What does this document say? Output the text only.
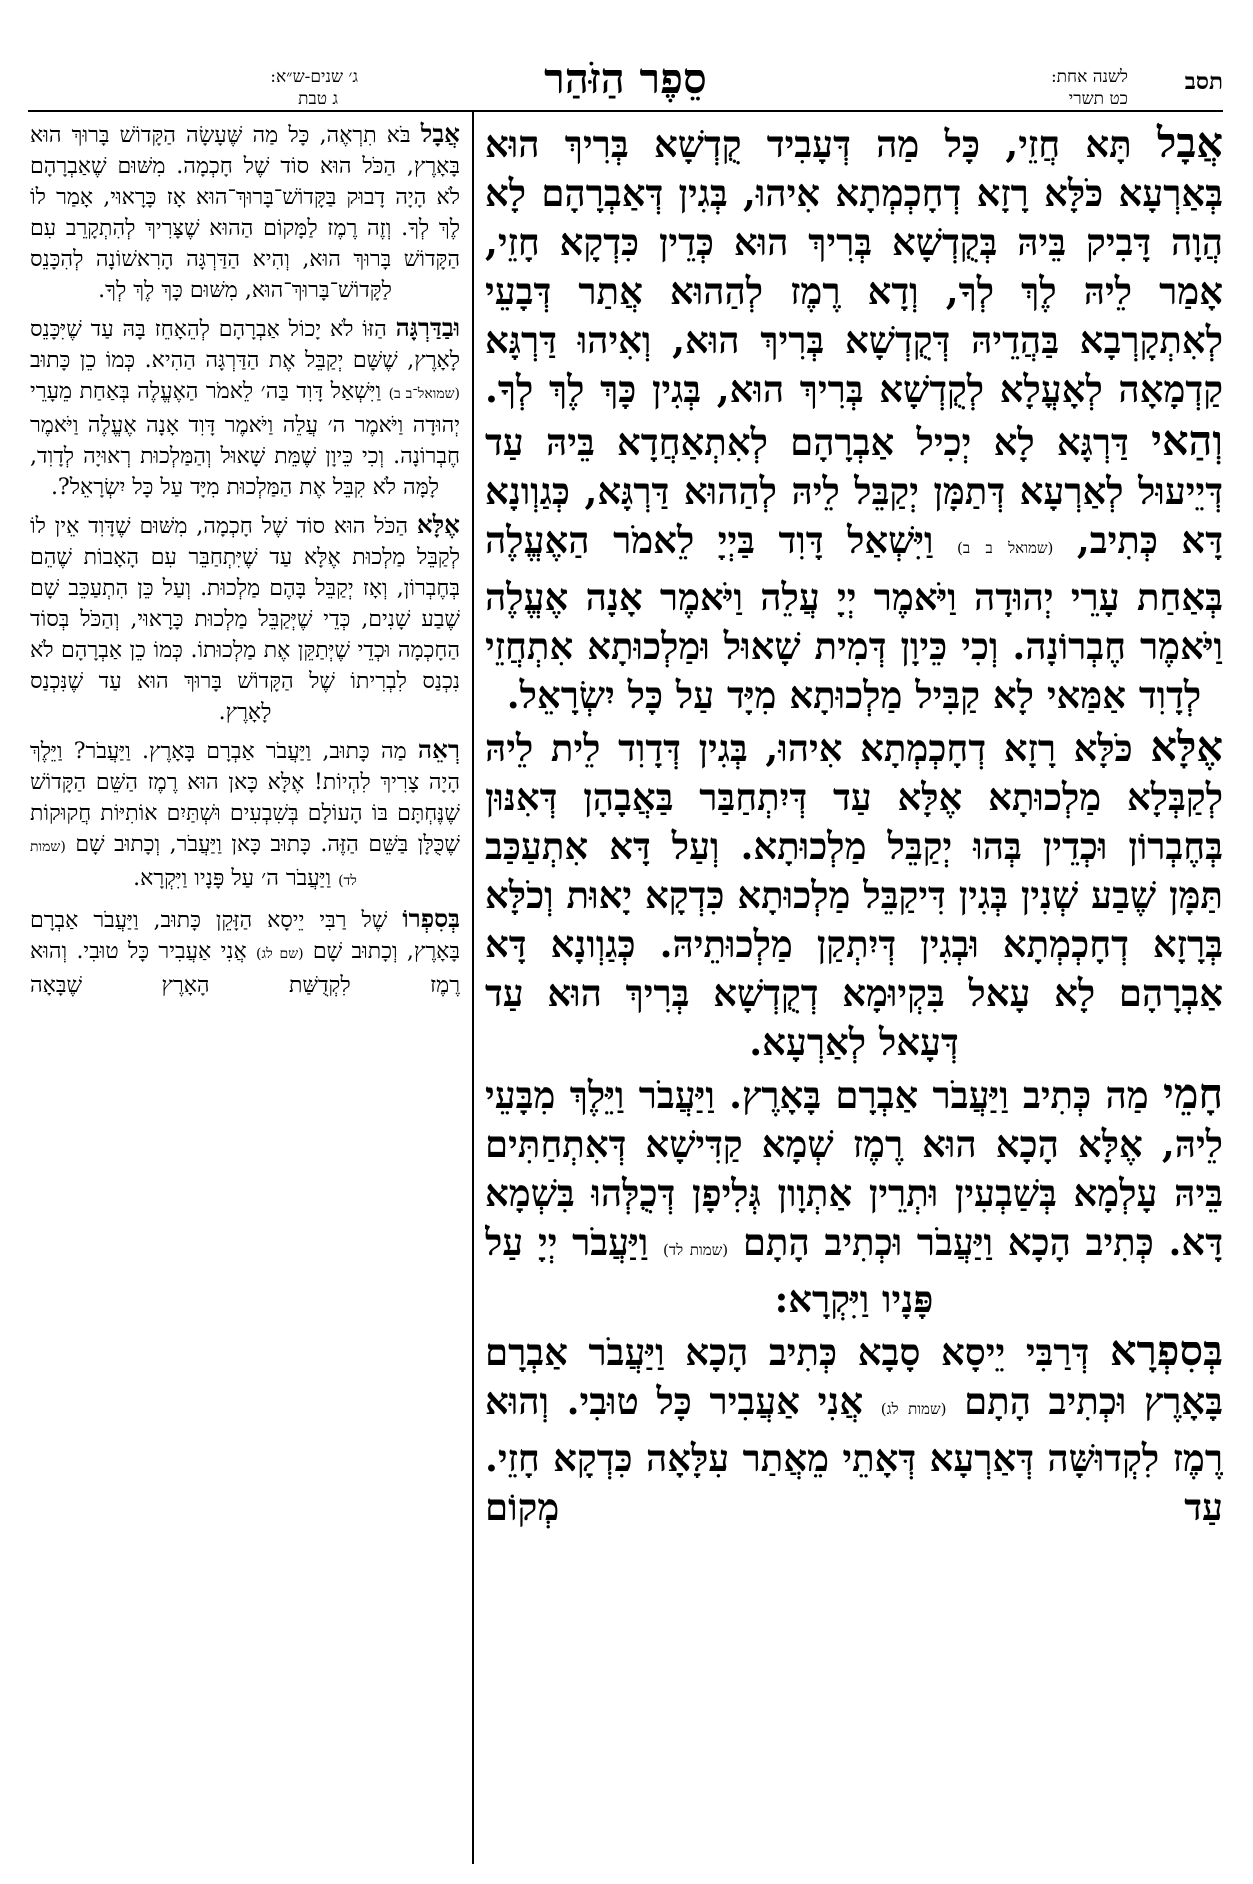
תסב
לשנה אחת:
כט תשרי
סֵפֶר הַזֹּהַר
ג׳ שנים-ש״א:
ג טבת

אֲבָל תָּא חֲזֵי, כָּל מַה דְּעָבִיד קֻדְשָׁא בְּרִיךְ הוּא בְּאַרְעָא כֹּלָּא רָזָא דְחָכְמְתָא אִיהוּ, בְּגִין דְּאַבְרָהָם לָא הֲוָה דָּבִיק בֵּיהּ בְּקֻדְשָׁא בְּרִיךְ הוּא כְּדֵין כִּדְקָא חָזֵי, אָמַר לֵיהּ לֶךְ לְךָ, וְדָא רֶמֶז לְהַהוּא אֲתַר דְּבָעֵי לְאִתְקָרְבָא בַּהֲדֵיהּ דְּקֻדְשָׁא בְּרִיךְ הוּא, וְאִיהוּ דַּרְגָּא קַדְמָאָה לְאָעֳלָא לְקֻדְשָׁא בְּרִיךְ הוּא, בְּגִין כָּךְ לֶךְ לְךָ.

וְהַאי דַּרְגָּא לָא יְכִיל אַבְרָהָם לְאִתְאַחֲדָא בֵּיהּ עַד דְּיֵיעוּל לְאַרְעָא דְּתַמָּן יְקַבֵּל לֵיהּ לְהַהוּא דַּרְגָּא, כְּגַוְונָא דָּא כְּתִיב, (שמואל ב ב) וַיִּשְׁאַל דָּוִד בַּיְיָ לֵאמֹר הַאֶעֱלֶה בְּאַחַת עָרֵי יְהוּדָה וַיֹּאמֶר יְיָ עֲלֵה וַיֹּאמֶר אָנָה אֶעֱלֶה וַיֹּאמֶר חֶבְרוֹנָה. וְכִי כֵּיוָן דְּמִית שָׁאוּל וּמַלְכוּתָא אִתְחֲזֵי לְדָוִד אַמַּאי לָא קַבִּיל מַלְכוּתָא מִיָּד עַל כָּל יִשְׂרָאֵל.

אֶלָּא כֹּלָּא רָזָא דְחָכְמְתָא אִיהוּ, בְּגִין דְּדָוִד לֵית לֵיהּ לְקַבְּלָא מַלְכוּתָא אֶלָּא עַד דְּיִתְחַבַּר בַּאֲבָהָן דְּאִנּוּן בְּחֶבְרוֹן וּכְדֵין בְּהוּ יְקַבֵּל מַלְכוּתָא. וְעַל דָּא אִתְעַכַּב תַּמָּן שֶׁבַע שְׁנִין בְּגִין דִּיקַבֵּל מַלְכוּתָא כִּדְקָא יָאוּת וְכֹלָּא בְּרָזָא דְחָכְמְתָא וּבְגִין דְּיִתְקַן מַלְכוּתֵיהּ. כְּגַוְונָא דָּא אַבְרָהָם לָא עָאל בִּקְיוּמָא דְקֻדְשָׁא בְּרִיךְ הוּא עַד דְּעָאל לְאַרְעָא.

חָמֵי מַה כְּתִיב וַיַּעֲבֹר אַבְרָם בָּאָרֶץ. וַיַּעֲבֹר וַיֵּלֶךְ מִבָּעֵי לֵיהּ, אֶלָּא הָכָא הוּא רֶמֶז שְׁמָא קַדִּישָׁא דְּאִתְחַתִּים בֵּיהּ עָלְמָא בְּשַׁבְעִין וּתְרֵין אַתְוָון גְּלִיפָן דְּכֻלְּהוּ בִּשְׁמָא דָּא. כְּתִיב הָכָא וַיַּעֲבֹר וּכְתִיב הָתָם (שמות לד) וַיַּעֲבֹר יְיָ עַל פָּנָיו וַיִּקְרָא:

בְּסִפְרָא דְּרַבִּי יֵיסָא סָבָא כְּתִיב הָכָא וַיַּעֲבֹר אַבְרָם בָּאָרֶץ וּכְתִיב הָתָם (שמות לג) אֲנִי אַעֲבִיר כָּל טוּבִי. וְהוּא רֶמֶז לִקְדוּשָּׁה דְּאַרְעָא דְּאָתֵי מֵאֲתַר עִלָּאָה כִּדְקָא חָזֵי. עַד מְקוֹם

אֲבָל בֹּא תִרְאֶה, כָּל מַה שֶּׁעָשָׂה הַקָּדוֹשׁ בָּרוּךְ הוּא בָּאָרֶץ, הַכֹּל הוּא סוֹד שֶׁל חָכְמָה. מִשּׁוּם שֶׁאַבְרָהָם לֹא הָיָה דָבוּק בַּקָּדוֹשׁ־בָּרוּךְ־הוּא אָז כָּרָאוּי, אָמַר לוֹ לֶךְ לְךָ. וְזֶה רֶמֶז לַמָּקוֹם הַהוּא שֶׁצָּרִיךְ לְהִתְקָרֵב עִם הַקָּדוֹשׁ בָּרוּךְ הוּא, וְהִיא הַדַּרְגָּה הָרִאשׁוֹנָה לְהִכָּנֵס לַקָּדוֹשׁ־בָּרוּךְ־הוּא, מִשּׁוּם כָּךְ לֶךְ לְךָ.

וּבַדַּרְגָּה הַזּוֹ לֹא יָכוֹל אַבְרָהָם לְהֵאָחֵז בָּהּ עַד שֶׁיִּכָּנֵס לָאָרֶץ, שֶׁשָּׁם יְקַבֵּל אֶת הַדַּרְגָּה הַהִיא. כְּמוֹ כֵן כָּתוּב (שמואל־ב ב) וַיִּשְׁאַל דָּוִד בַּה׳ לֵאמֹר הַאֶעֱלֶה בְּאַחַת מֵעָרֵי יְהוּדָה וַיֹּאמֶר ה׳ עֲלֵה וַיֹּאמֶר דָּוִד אָנָה אֶעֱלֶה וַיֹּאמֶר חֶבְרוֹנָה. וְכִי כֵּיוָן שֶׁמֵּת שָׁאוּל וְהַמַּלְכוּת רְאוּיָה לְדָוִד, לָמָּה לֹא קִבֵּל אֶת הַמַּלְכוּת מִיָּד עַל כָּל יִשְׂרָאֵל?.

אֶלָּא הַכֹּל הוּא סוֹד שֶׁל חָכְמָה, מִשּׁוּם שֶׁדָּוִד אֵין לוֹ לְקַבֵּל מַלְכוּת אֶלָּא עַד שֶׁיִּתְחַבֵּר עִם הָאָבוֹת שֶׁהֵם בְּחֶבְרוֹן, וְאָז יְקַבֵּל בָּהֶם מַלְכוּת. וְעַל כֵּן הִתְעַכֵּב שָׁם שֶׁבַע שָׁנִים, כְּדֵי שֶׁיְּקַבֵּל מַלְכוּת כָּרָאוּי, וְהַכֹּל בְּסוֹד הַחָכְמָה וּכְדֵי שֶׁיְּתַקֵּן אֶת מַלְכוּתוֹ. כְּמוֹ כֵן אַבְרָהָם לֹא נִכְנַס לִבְרִיתוֹ שֶׁל הַקָּדוֹשׁ בָּרוּךְ הוּא עַד שֶׁנִּכְנַס לָאָרֶץ.

רְאֵה מַה כָּתוּב, וַיַּעֲבֹר אַבְרָם בָּאָרֶץ. וַיַּעֲבֹר? וַיֵּלֶךְ הָיָה צָרִיךְ לִהְיוֹת! אֶלָּא כָּאן הוּא רֶמֶז הַשֵּׁם הַקָּדוֹשׁ שֶׁנֶּחְתָּם בּוֹ הָעוֹלָם בְּשִׁבְעִים וּשְׁתַּיִם אוֹתִיּוֹת חֲקוּקוֹת שֶׁכֻּלָּן בַּשֵּׁם הַזֶּה. כָּתוּב כָּאן וַיַּעֲבֹר, וְכָתוּב שָׁם (שמות לד) וַיַּעֲבֹר ה׳ עַל פָּנָיו וַיִּקְרָא.

בְּסִפְרוֹ שֶׁל רַבִּי יֵיסָא הַזָּקֵן כָּתוּב, וַיַּעֲבֹר אַבְרָם בָּאָרֶץ, וְכָתוּב שָׁם (שם לג) אֲנִי אַעֲבִיר כָּל טוּבִי. וְהוּא רֶמֶז לִקְדֻשַּׁת הָאָרֶץ שֶׁבָּאָה
